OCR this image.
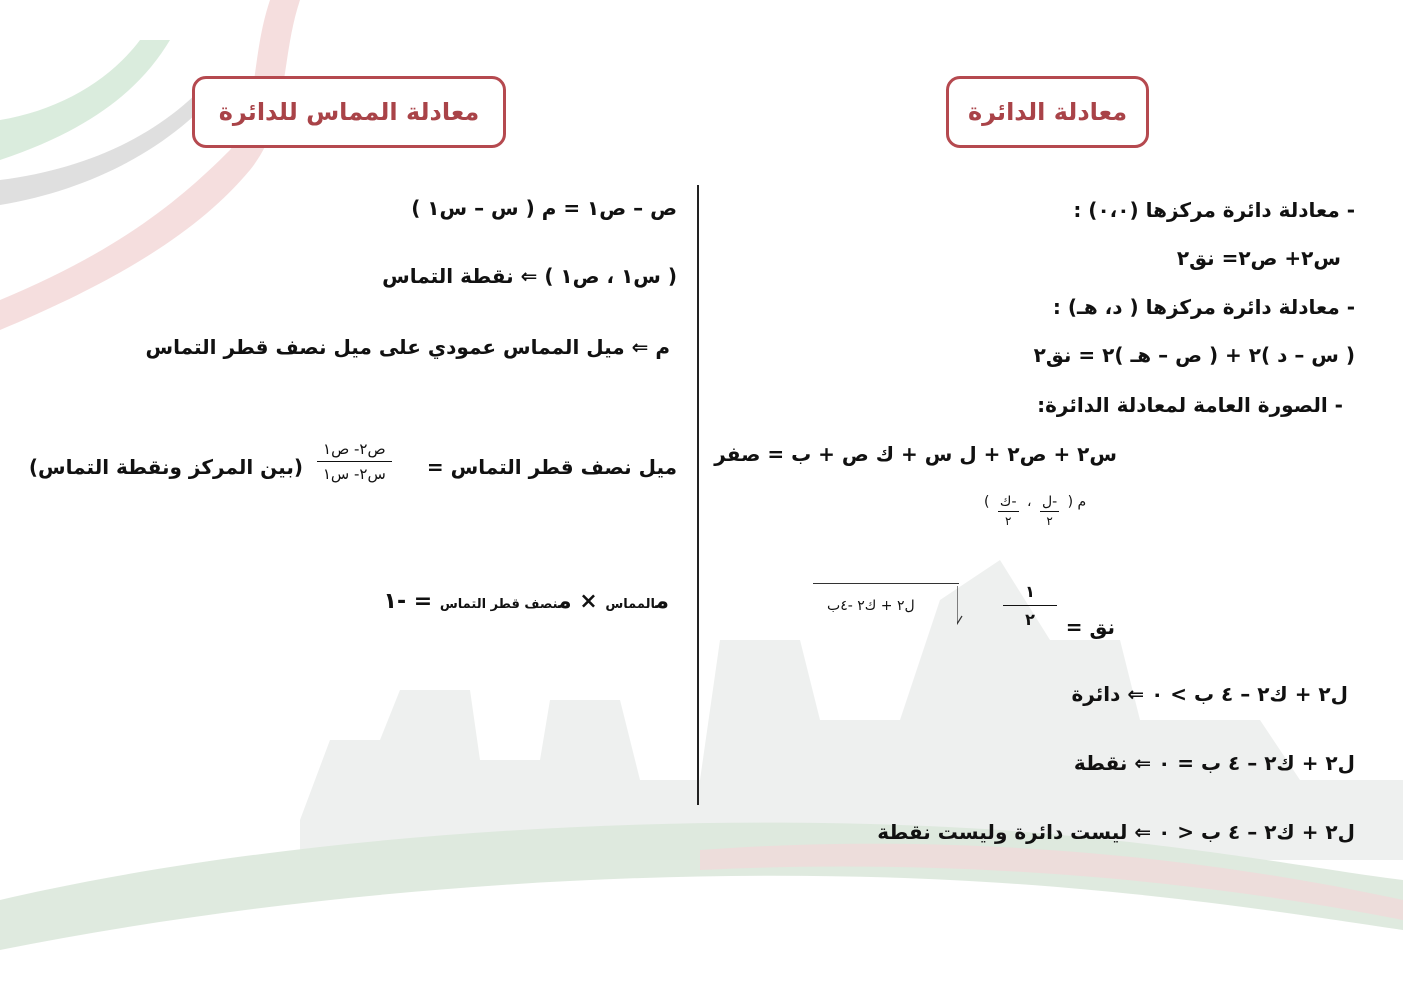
معادلة الدائرة
معادلة المماس للدائرة
- معادلة دائرة مركزها (٠،٠) :
س٢+ ص٢= نق٢
- معادلة دائرة مركزها ( د، هـ) :
( س – د )٢ + ( ص – هـ )٢ = نق٢
- الصورة العامة لمعادلة الدائرة:
س٢ + ص٢ + ل س + ك ص + ب = صفر
م (
-ل
٢
،
-ك
٢
)
نق =
١
٢
ل٢ + ك٢ -٤ب
ل٢ + ك٢ – ٤ ب > ٠ ⇐ دائرة
ل٢ + ك٢ – ٤ ب = ٠ ⇐ نقطة
ل٢ + ك٢ – ٤ ب < ٠ ⇐ ليست دائرة وليست نقطة
ص – ص١ = م ( س – س١ )
( س١ ، ص١ ) ⇐ نقطة التماس
م ⇐ ميل المماس عمودي على ميل نصف قطر التماس
ميل نصف قطر التماس =
ص٢- ص١
س٢- س١
(بين المركز ونقطة التماس)
مالمماس × منصف قطر التماس = -١
